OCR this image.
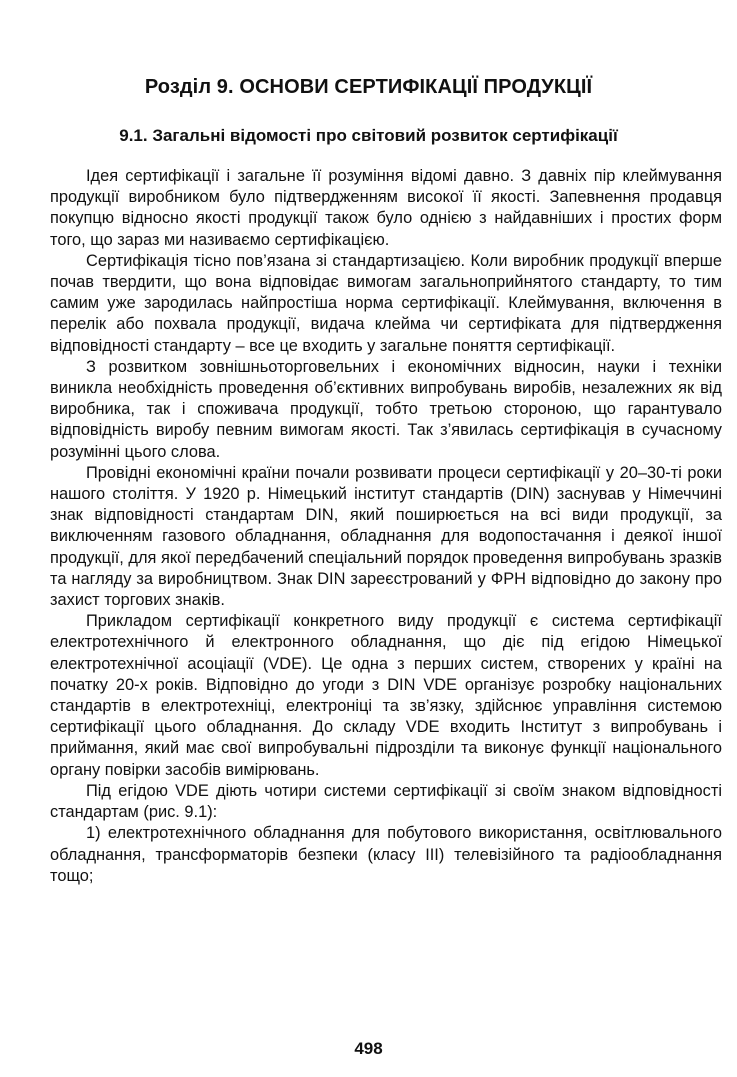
Розділ 9. ОСНОВИ СЕРТИФІКАЦІЇ ПРОДУКЦІЇ
9.1. Загальні відомості про світовий розвиток сертифікації

Ідея сертифікації і загальне її розуміння відомі давно. З давніх пір клеймування продукції виробником було підтвердженням високої її якості. Запевнення продавця покупцю відносно якості продукції також було однією з найдавніших і простих форм того, що зараз ми називаємо сертифікацією.

Сертифікація тісно пов’язана зі стандартизацією. Коли виробник продукції вперше почав твердити, що вона відповідає вимогам загальноприйнятого стандарту, то тим самим уже зародилась найпростіша норма сертифікації. Клеймування, включення в перелік або похвала продукції, видача клейма чи сертифіката для підтвердження відповідності стандарту – все це входить у загальне поняття сертифікації.

З розвитком зовнішньоторговельних і економічних відносин, науки і техніки виникла необхідність проведення об’єктивних випробувань виробів, незалежних як від виробника, так і споживача продукції, тобто третьою стороною, що гарантувало відповідність виробу певним вимогам якості. Так з’явилась сертифікація в сучасному розумінні цього слова.

Провідні економічні країни почали розвивати процеси сертифікації у 20–30-ті роки нашого століття. У 1920 р. Німецький інститут стандартів (DIN) заснував у Німеччині знак відповідності стандартам DIN, який поширюється на всі види продукції, за виключенням газового обладнання, обладнання для водопостачання і деякої іншої продукції, для якої передбачений спеціальний порядок проведення випробувань зразків та нагляду за виробництвом. Знак DIN зареєстрований у ФРН відповідно до закону про захист торгових знаків.

Прикладом сертифікації конкретного виду продукції є система сертифікації електротехнічного й електронного обладнання, що діє під егідою Німецької електротехнічної асоціації (VDE). Це одна з перших систем, створених у країні на початку 20-х років. Відповідно до угоди з DIN VDE організує розробку національних стандартів в електротехніці, електроніці та зв’язку, здійснює управління системою сертифікації цього обладнання. До складу VDE входить Інститут з випробувань і приймання, який має свої випробувальні підрозділи та виконує функції національного органу повірки засобів вимірювань.

Під егідою VDE діють чотири системи сертифікації зі своїм знаком відповідності стандартам (рис. 9.1):

1) електротехнічного обладнання для побутового використання, освітлювального обладнання, трансформаторів безпеки (класу III) телевізійного та радіообладнання тощо;

498
